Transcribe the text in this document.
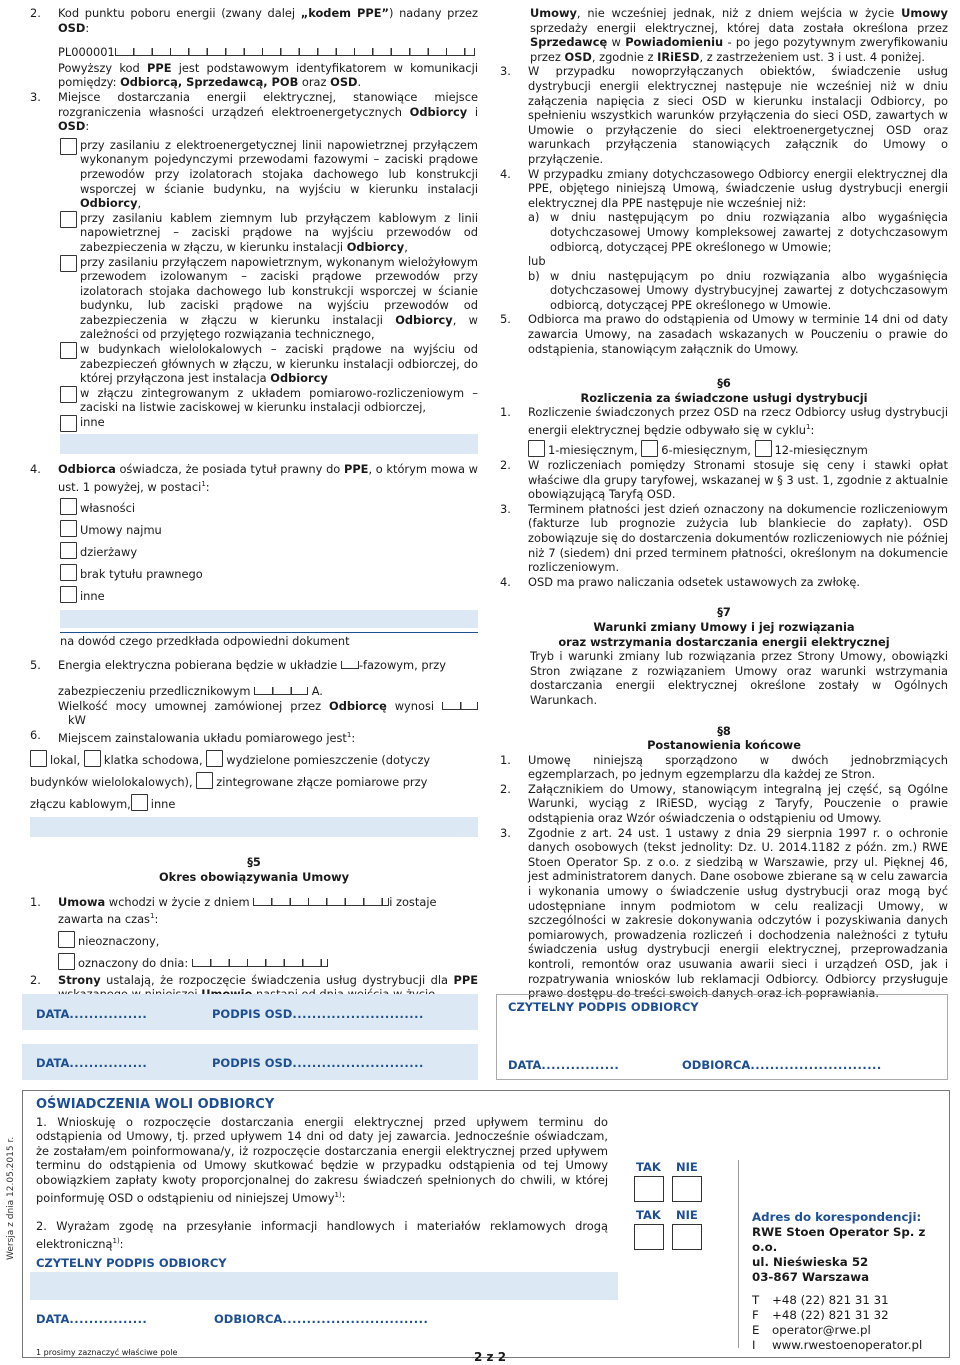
2.	Kod punktu poboru energii (zwany dalej „kodem PPE”) nadany przez OSD:
PL000001

Powyższy kod PPE jest podstawowym identyfikatorem w komunikacji pomiędzy: Odbiorcą, Sprzedawcą, POB oraz OSD.

3.	Miejsce dostarczania energii elektrycznej, stanowiące miejsce rozgraniczenia własności urządzeń elektroenergetycznych Odbiorcy i OSD:
przy zasilaniu z elektroenergetycznej linii napowietrznej przyłączem wykonanym pojedynczymi przewodami fazowymi – zaciski prądowe przewodów przy izolatorach stojaka dachowego lub konstrukcji wsporczej w ścianie budynku, na wyjściu w kierunku instalacji Odbiorcy,
przy zasilaniu kablem ziemnym lub przyłączem kablowym z linii napowietrznej – zaciski prądowe na wyjściu przewodów od zabezpieczenia w złączu, w kierunku instalacji Odbiorcy,
przy zasilaniu przyłączem napowietrznym, wykonanym wielożyłowym przewodem izolowanym – zaciski prądowe przewodów przy izolatorach stojaka dachowego lub konstrukcji wsporczej w ścianie budynku, lub zaciski prądowe na wyjściu przewodów od zabezpieczenia w złączu w kierunku instalacji Odbiorcy, w zależności od przyjętego rozwiązania technicznego,
w budynkach wielolokalowych – zaciski prądowe na wyjściu od zabezpieczeń głównych w złączu, w kierunku instalacji odbiorczej, do której przyłączona jest instalacja Odbiorcy
w złączu zintegrowanym z układem pomiarowo-rozliczeniowym – zaciski na listwie zaciskowej w kierunku instalacji odbiorczej,
inne
4.	Odbiorca oświadcza, że posiada tytuł prawny do PPE, o którym mowa w ust. 1 powyżej, w postaci$^1$:
własności
Umowy najmu
dzierżawy
brak tytułu prawnego
inne
na dowód czego przedkłada odpowiedni dokument
5.	Energia elektryczna pobierana będzie w układzie -fazowym, przy
zabezpieczeniu przedlicznikowym	A.
Wielkość mocy umownej zamówionej przez Odbiorcę wynosi  kW
6.	Miejscem zainstalowania układu pomiarowego jest$^1$:
lokal, klatka schodowa, wydzielone pomieszczenie (dotyczy
budynków wielolokalowych), zintegrowane złącze pomiarowe przy
złączu kablowym, inne
§5
Okres obowiązywania Umowy
1.	Umowa wchodzi w życie z dniem	i zostaje
zawarta na czas$^1$:
nieoznaczony,
oznaczony do dnia:
2.	Strony ustalają, że rozpoczęcie świadczenia usług dystrybucji dla PPE

Umowy, nie wcześniej jednak, niż z dniem wejścia w życie Umowy sprzedaży energii elektrycznej, której data została określona przez Sprzedawcę w Powiadomieniu - po jego pozytywnym zweryfikowaniu przez OSD, zgodnie z IRiESD, z zastrzeżeniem ust. 3 i ust. 4 poniżej.

3.	W przypadku nowoprzyłączanych obiektów, świadczenie usług dystrybucji energii elektrycznej następuje nie wcześniej niż w dniu załączenia napięcia z sieci OSD w kierunku instalacji Odbiorcy, po spełnieniu wszystkich warunków przyłączenia do sieci OSD, zawartych w Umowie o przyłączenie do sieci elektroenergetycznej OSD oraz warunkach przyłączenia stanowiących załącznik do Umowy o przyłączenie.
4.	W przypadku zmiany dotychczasowego Odbiorcy energii elektrycznej dla PPE, objętego niniejszą Umową, świadczenie usług dystrybucji energii elektrycznej dla PPE następuje nie wcześniej niż:
a) w dniu następującym po dniu rozwiązania albo wygaśnięcia dotychczasowej Umowy kompleksowej zawartej z dotychczasowym odbiorcą, dotyczącej PPE określonego w Umowie;
lub
b) w dniu następującym po dniu rozwiązania albo wygaśnięcia dotychczasowej Umowy dystrybucyjnej zawartej z dotychczasowym odbiorcą, dotyczącej PPE określonego w Umowie.
5.	Odbiorca ma prawo do odstąpienia od Umowy w terminie 14 dni od daty zawarcia Umowy, na zasadach wskazanych w Pouczeniu o prawie do odstąpienia, stanowiącym załącznik do Umowy.
§6
Rozliczenia za świadczone usługi dystrybucji
1.	Rozliczenie świadczonych przez OSD na rzecz Odbiorcy usług dystrybucji energii elektrycznej będzie odbywało się w cyklu$^1$:
1-miesięcznym, 6-miesięcznym, 12-miesięcznym
2.	W rozliczeniach pomiędzy Stronami stosuje się ceny i stawki opłat właściwe dla grupy taryfowej, wskazanej w § 3 ust. 1, zgodnie z aktualnie obowiązującą Taryfą OSD.
3.	Terminem płatności jest dzień oznaczony na dokumencie rozliczeniowym (fakturze lub prognozie zużycia lub blankiecie do zapłaty). OSD zobowiązuje się do dostarczenia dokumentów rozliczeniowych nie później niż 7 (siedem) dni przed terminem płatności, określonym na dokumencie rozliczeniowym.
4.	OSD ma prawo naliczania odsetek ustawowych za zwłokę.
§7
Warunki zmiany Umowy i jej rozwiązania
oraz wstrzymania dostarczania energii elektrycznej

Tryb i warunki zmiany lub rozwiązania przez Strony Umowy, obowiązki Stron związane z rozwiązaniem Umowy oraz warunki wstrzymania dostarczania energii elektrycznej określone zostały w Ogólnych Warunkach.

§8
Postanowienia końcowe
1.	Umowę niniejszą sporządzono w dwóch jednobrzmiących egzemplarzach, po jednym egzemplarzu dla każdej ze Stron.
2.	Załącznikiem do Umowy, stanowiącym integralną jej część, są Ogólne Warunki, wyciąg z IRiESD, wyciąg z Taryfy, Pouczenie o prawie odstąpienia oraz Wzór oświadczenia o odstąpieniu od Umowy.
3.	Zgodnie z art. 24 ust. 1 ustawy z dnia 29 sierpnia 1997 r. o ochronie danych osobowych (tekst jednolity: Dz. U. 2014.1182 z późn. zm.) RWE Stoen Operator Sp. z o.o. z siedzibą w Warszawie, przy ul. Pięknej 46, jest administratorem danych. Dane osobowe zbierane są w celu zawarcia i wykonania umowy o świadczenie usług dystrybucji oraz mogą być udostępniane innym podmiotom w celu realizacji Umowy, w szczególności w zakresie dokonywania odczytów i pozyskiwania danych pomiarowych, prowadzenia rozliczeń i dochodzenia należności z tytułu świadczenia usług dystrybucji energii elektrycznej, przeprowadzania kontroli, remontów oraz usuwania awarii sieci i urządzeń OSD, jak i rozpatrywania wniosków lub reklamacji Odbiorcy. Odbiorcy przysługuje prawo dostępu do treści swoich danych oraz ich poprawiania.
DATA................	PODPIS OSD...........................
DATA................	PODPIS OSD...........................
CZYTELNY PODPIS ODBIORCY
DATA................	ODBIORCA...........................
OŚWIADCZENIA WOLI ODBIORCY

1. Wnioskuję o rozpoczęcie dostarczania energii elektrycznej przed upływem terminu do odstąpienia od Umowy, tj. przed upływem 14 dni od daty jej zawarcia. Jednocześnie oświadczam, że zostałam/em poinformowana/y, iż rozpoczęcie dostarczania energii elektrycznej przed upływem terminu do odstąpienia od Umowy skutkować będzie w przypadku odstąpienia od tej Umowy obowiązkiem zapłaty kwoty proporcjonalnej do zakresu świadczeń spełnionych do chwili, w której poinformuję OSD o odstąpieniu od niniejszej Umowy$^{1)}$:

2. Wyrażam zgodę na przesyłanie informacji handlowych i materiałów reklamowych drogą elektroniczną$^{1)}$:

CZYTELNY PODPIS ODBIORCY
DATA................	ODBIORCA..............................
TAK NIE
TAK NIE	Adres do korespondencji:
RWE Stoen Operator Sp. z o.o.
ul. Nieświeska 52
03-867 Warszawa
T	+48 (22) 821 31 31
F	+48 (22) 821 31 32
E	operator@rwe.pl
I	www.rwestoenoperator.pl
Wersja z dnia 12.05.2015 r.
1 prosimy zaznaczyć właściwe pole	2 z 2
